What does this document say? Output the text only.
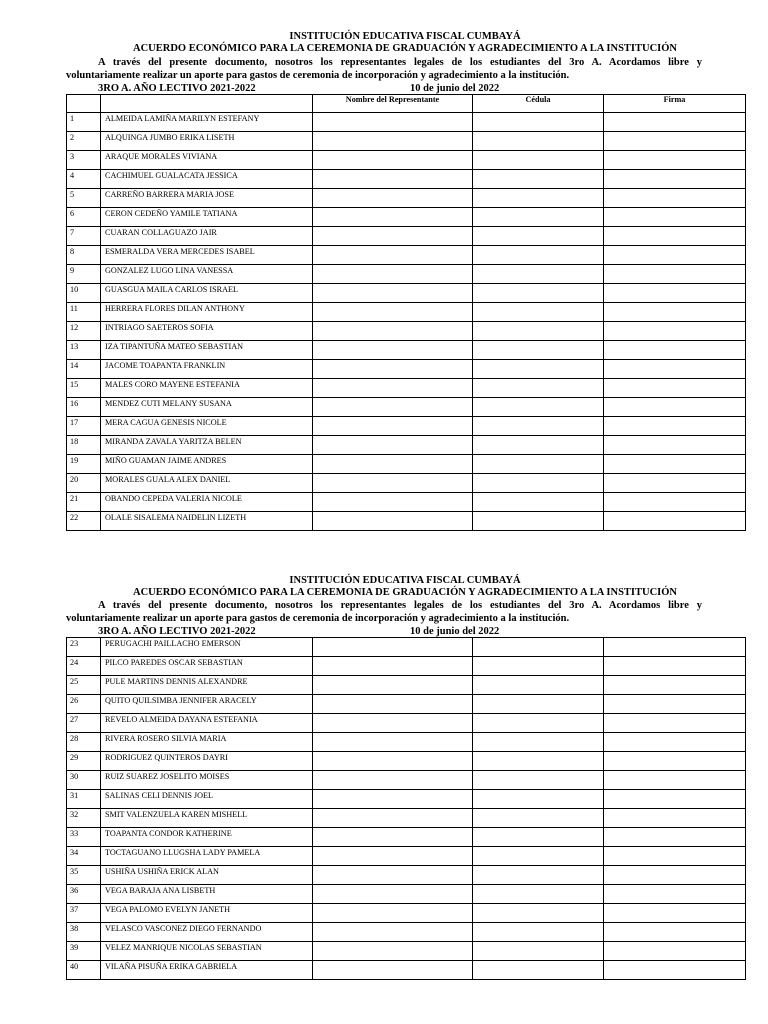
INSTITUCIÓN EDUCATIVA FISCAL CUMBAYÁ
ACUERDO ECONÓMICO PARA LA CEREMONIA DE GRADUACIÓN Y AGRADECIMIENTO A LA INSTITUCIÓN
A través del presente documento, nosotros los representantes legales de los estudiantes del 3ro A. Acordamos libre y
voluntariamente realizar un aporte para gastos de ceremonia de incorporación y agradecimiento a la institución.
3RO A. AÑO LECTIVO 2021-2022	10 de junio del 2022
		Nombre del Representante	Cédula	Firma
1	ALMEIDA LAMIÑA MARILYN ESTEFANY			
2	ALQUINGA JUMBO ERIKA LISETH			
3	ARAQUE MORALES VIVIANA			
4	CACHIMUEL GUALACATA JESSICA			
5	CARREÑO BARRERA MARIA JOSE			
6	CERON CEDEÑO YAMILE TATIANA			
7	CUARAN COLLAGUAZO JAIR			
8	ESMERALDA VERA MERCEDES ISABEL			
9	GONZALEZ LUGO LINA VANESSA			
10	GUASGUA MAILA CARLOS ISRAEL			
11	HERRERA FLORES DILAN ANTHONY			
12	INTRIAGO SAETEROS SOFIA			
13	IZA TIPANTUÑA MATEO SEBASTIAN			
14	JACOME TOAPANTA FRANKLIN			
15	MALES CORO MAYENE ESTEFANIA			
16	MENDEZ CUTI MELANY SUSANA			
17	MERA CAGUA GENESIS NICOLE			
18	MIRANDA ZAVALA YARITZA BELEN			
19	MIÑO GUAMAN JAIME ANDRES			
20	MORALES GUALA ALEX DANIEL			
21	OBANDO CEPEDA VALERIA NICOLE			
22	OLALE SISALEMA NAIDELIN LIZETH			
INSTITUCIÓN EDUCATIVA FISCAL CUMBAYÁ
ACUERDO ECONÓMICO PARA LA CEREMONIA DE GRADUACIÓN Y AGRADECIMIENTO A LA INSTITUCIÓN
A través del presente documento, nosotros los representantes legales de los estudiantes del 3ro A. Acordamos libre y
voluntariamente realizar un aporte para gastos de ceremonia de incorporación y agradecimiento a la institución.
3RO A. AÑO LECTIVO 2021-2022	10 de junio del 2022
23	PERUGACHI PAILLACHO EMERSON			
24	PILCO PAREDES OSCAR SEBASTIAN			
25	PULE MARTINS DENNIS ALEXANDRE			
26	QUITO QUILSIMBA JENNIFER ARACELY			
27	REVELO ALMEIDA DAYANA ESTEFANIA			
28	RIVERA ROSERO SILVIA MARIA			
29	RODRIGUEZ QUINTEROS DAYRI			
30	RUIZ SUAREZ JOSELITO MOISES			
31	SALINAS CELI DENNIS JOEL			
32	SMIT VALENZUELA KAREN MISHELL			
33	TOAPANTA CONDOR KATHERINE			
34	TOCTAGUANO LLUGSHA LADY PAMELA			
35	USHIÑA USHIÑA ERICK ALAN			
36	VEGA BARAJA ANA LISBETH			
37	VEGA PALOMO EVELYN JANETH			
38	VELASCO VASCONEZ DIEGO FERNANDO			
39	VELEZ MANRIQUE NICOLAS SEBASTIAN			
40	VILAÑA PISUÑA ERIKA GABRIELA			
